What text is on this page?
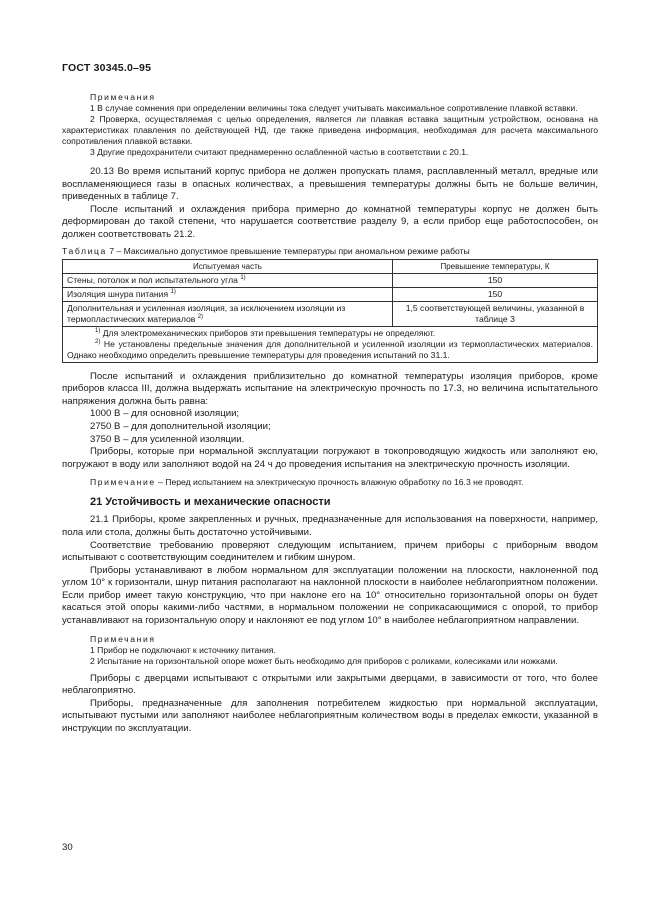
ГОСТ 30345.0–95
Примечания

1 В случае сомнения при определении величины тока следует учитывать максимальное сопротивление плавкой вставки.

2 Проверка, осуществляемая с целью определения, является ли плавкая вставка защитным устройством, основана на характеристиках плавления по действующей НД, где также приведена информация, необходимая для расчета максимального сопротивления плавкой вставки.

3 Другие предохранители считают преднамеренно ослабленной частью в соответствии с 20.1.

20.13 Во время испытаний корпус прибора не должен пропускать пламя, расплавленный металл, вредные или воспламеняющиеся газы в опасных количествах, а превышения температуры должны быть не больше величин, приведенных в таблице 7.

После испытаний и охлаждения прибора примерно до комнатной температуры корпус не должен быть деформирован до такой степени, что нарушается соответствие разделу 9, а если прибор еще работоспособен, он должен соответствовать 21.2.

Таблица 7 – Максимально допустимое превышение температуры при аномальном режиме работы
Испытуемая часть	Превышение температуры, К
Стены, потолок и пол испытательного угла $^{1)}$	150
Изоляция шнура питания $^{1)}$	150
Дополнительная и усиленная изоляция, за исключением изоляции из термопластических материалов $^{2)}$	1,5 соответствующей величины, указанной в таблице 3

$^{1)}$ Для электромеханических приборов эти превышения температуры не определяют.
$^{2)}$ Не установлены предельные значения для дополнительной и усиленной изоляции из термопластических материалов. Однако необходимо определить превышение температуры для проведения испытаний по 31.1.	

После испытаний и охлаждения приблизительно до комнатной температуры изоляция приборов, кроме приборов класса III, должна выдержать испытание на электрическую прочность по 17.3, но величина испытательного напряжения должна быть равна:

1000 В – для основной изоляции;

2750 В – для дополнительной изоляции;

3750 В – для усиленной изоляции.

Приборы, которые при нормальной эксплуатации погружают в токопроводящую жидкость или заполняют ею, погружают в воду или заполняют водой на 24 ч до проведения испытания на электрическую прочность изоляции.

Примечание – Перед испытанием на электрическую прочность влажную обработку по 16.3 не проводят.

21 Устойчивость и механические опасности

21.1 Приборы, кроме закрепленных и ручных, предназначенные для использования на поверхности, например, пола или стола, должны быть достаточно устойчивыми.

Соответствие требованию проверяют следующим испытанием, причем приборы с приборным вводом испытывают с соответствующим соединителем и гибким шнуром.

Приборы устанавливают в любом нормальном для эксплуатации положении на плоскости, наклоненной под углом 10° к горизонтали, шнур питания располагают на наклонной плоскости в наиболее неблагоприятном положении. Если прибор имеет такую конструкцию, что при наклоне его на 10° относительно горизонтальной опоры он будет касаться этой опоры какими-либо частями, в нормальном положении не соприкасающимися с опорой, то прибор устанавливают на горизонтальную опору и наклоняют ее под углом 10° в наиболее неблагоприятном направлении.

Примечания

1 Прибор не подключают к источнику питания.

2 Испытание на горизонтальной опоре может быть необходимо для приборов с роликами, колесиками или ножками.

Приборы с дверцами испытывают с открытыми или закрытыми дверцами, в зависимости от того, что более неблагоприятно.

Приборы, предназначенные для заполнения потребителем жидкостью при нормальной эксплуатации, испытывают пустыми или заполняют наиболее неблагоприятным количеством воды в пределах емкости, указанной в инструкции по эксплуатации.

30
